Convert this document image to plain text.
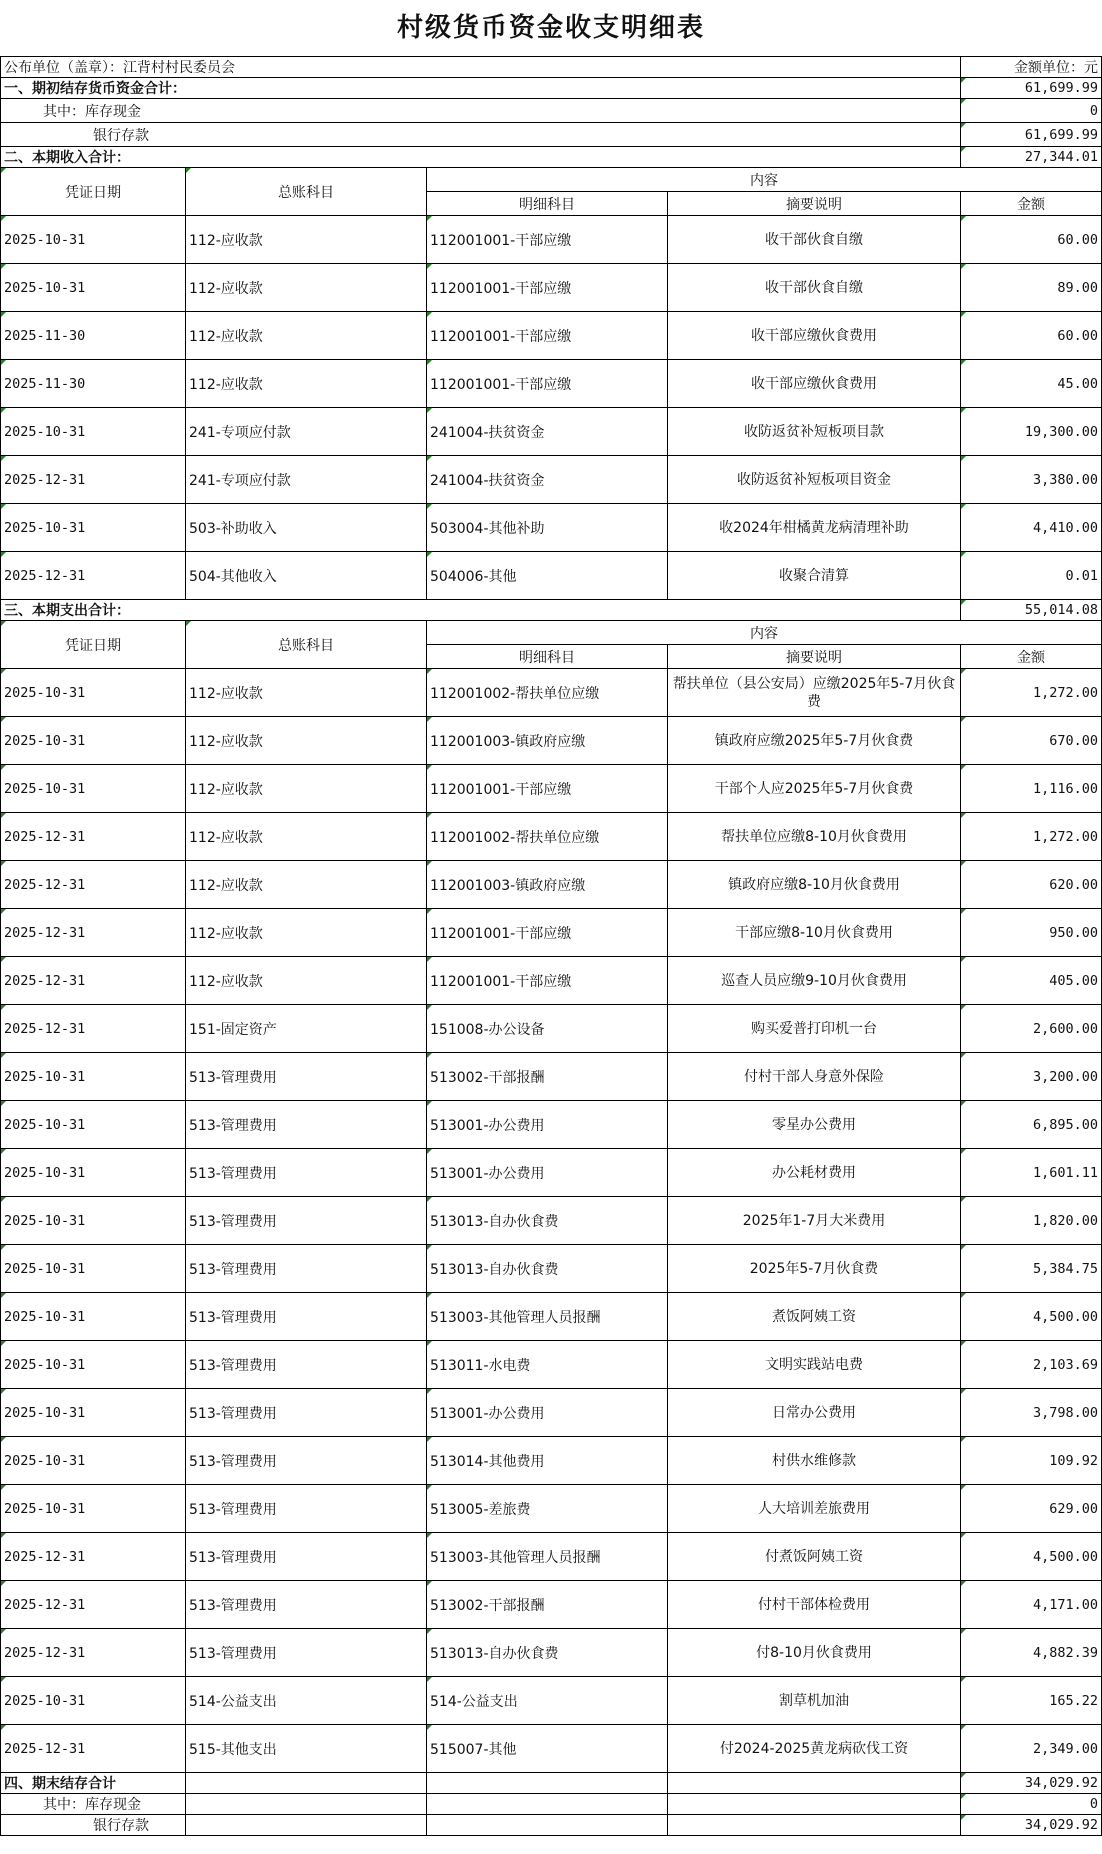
村级货币资金收支明细表
公布单位（盖章）：江背村村民委员会				金额单位：元
一、期初结存货币资金合计：				61,699.99
其中：库存现金				0
银行存款				61,699.99
二、本期收入合计：				27,344.01
凭证日期	总账科目	内容		
		明细科目	摘要说明	金额
2025-10-31	112-应收款	112001001-干部应缴	收干部伙食自缴	60.00
2025-10-31	112-应收款	112001001-干部应缴	收干部伙食自缴	89.00
2025-11-30	112-应收款	112001001-干部应缴	收干部应缴伙食费用	60.00
2025-11-30	112-应收款	112001001-干部应缴	收干部应缴伙食费用	45.00
2025-10-31	241-专项应付款	241004-扶贫资金	收防返贫补短板项目款	19,300.00
2025-12-31	241-专项应付款	241004-扶贫资金	收防返贫补短板项目资金	3,380.00
2025-10-31	503-补助收入	503004-其他补助	收2024年柑橘黄龙病清理补助	4,410.00
2025-12-31	504-其他收入	504006-其他	收聚合清算	0.01
三、本期支出合计：				55,014.08
凭证日期	总账科目	内容		
		明细科目	摘要说明	金额
2025-10-31	112-应收款	112001002-帮扶单位应缴	帮扶单位（县公安局）应缴2025年5-7月伙食费	1,272.00
2025-10-31	112-应收款	112001003-镇政府应缴	镇政府应缴2025年5-7月伙食费	670.00
2025-10-31	112-应收款	112001001-干部应缴	干部个人应2025年5-7月伙食费	1,116.00
2025-12-31	112-应收款	112001002-帮扶单位应缴	帮扶单位应缴8-10月伙食费用	1,272.00
2025-12-31	112-应收款	112001003-镇政府应缴	镇政府应缴8-10月伙食费用	620.00
2025-12-31	112-应收款	112001001-干部应缴	干部应缴8-10月伙食费用	950.00
2025-12-31	112-应收款	112001001-干部应缴	巡查人员应缴9-10月伙食费用	405.00
2025-12-31	151-固定资产	151008-办公设备	购买爱普打印机一台	2,600.00
2025-10-31	513-管理费用	513002-干部报酬	付村干部人身意外保险	3,200.00
2025-10-31	513-管理费用	513001-办公费用	零星办公费用	6,895.00
2025-10-31	513-管理费用	513001-办公费用	办公耗材费用	1,601.11
2025-10-31	513-管理费用	513013-自办伙食费	2025年1-7月大米费用	1,820.00
2025-10-31	513-管理费用	513013-自办伙食费	2025年5-7月伙食费	5,384.75
2025-10-31	513-管理费用	513003-其他管理人员报酬	煮饭阿姨工资	4,500.00
2025-10-31	513-管理费用	513011-水电费	文明实践站电费	2,103.69
2025-10-31	513-管理费用	513001-办公费用	日常办公费用	3,798.00
2025-10-31	513-管理费用	513014-其他费用	村供水维修款	109.92
2025-10-31	513-管理费用	513005-差旅费	人大培训差旅费用	629.00
2025-12-31	513-管理费用	513003-其他管理人员报酬	付煮饭阿姨工资	4,500.00
2025-12-31	513-管理费用	513002-干部报酬	付村干部体检费用	4,171.00
2025-12-31	513-管理费用	513013-自办伙食费	付8-10月伙食费用	4,882.39
2025-10-31	514-公益支出	514-公益支出	割草机加油	165.22
2025-12-31	515-其他支出	515007-其他	付2024-2025黄龙病砍伐工资	2,349.00
四、期末结存合计				34,029.92
其中：库存现金				0
银行存款				34,029.92
